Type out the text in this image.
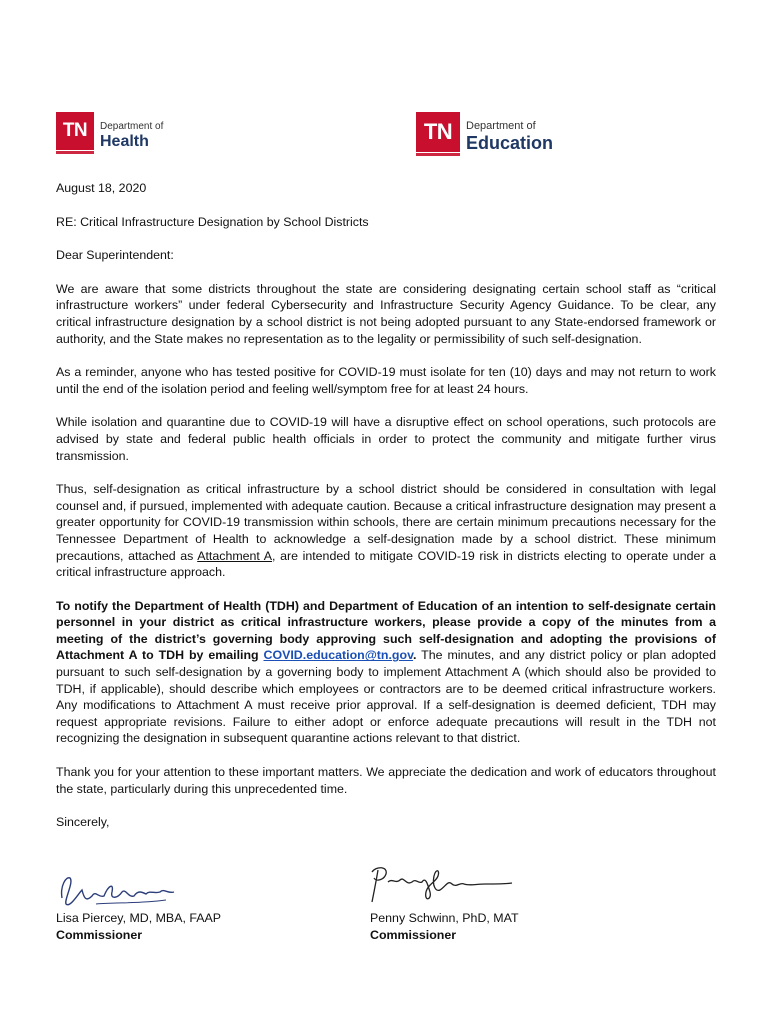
TN Department of
Health	TN Department of
Education

August 18, 2020

RE: Critical Infrastructure Designation by School Districts

Dear Superintendent:

We are aware that some districts throughout the state are considering designating certain school staff as “critical infrastructure workers” under federal Cybersecurity and Infrastructure Security Agency Guidance. To be clear, any critical infrastructure designation by a school district is not being adopted pursuant to any State-endorsed framework or authority, and the State makes no representation as to the legality or permissibility of such self-designation.

As a reminder, anyone who has tested positive for COVID-19 must isolate for ten (10) days and may not return to work until the end of the isolation period and feeling well/symptom free for at least 24 hours.

While isolation and quarantine due to COVID-19 will have a disruptive effect on school operations, such protocols are advised by state and federal public health officials in order to protect the community and mitigate further virus transmission.

Thus, self-designation as critical infrastructure by a school district should be considered in consultation with legal counsel and, if pursued, implemented with adequate caution. Because a critical infrastructure designation may present a greater opportunity for COVID-19 transmission within schools, there are certain minimum precautions necessary for the Tennessee Department of Health to acknowledge a self-designation made by a school district. These minimum precautions, attached as Attachment A, are intended to mitigate COVID-19 risk in districts electing to operate under a critical infrastructure approach.

To notify the Department of Health (TDH) and Department of Education of an intention to self-designate certain personnel in your district as critical infrastructure workers, please provide a copy of the minutes from a meeting of the district’s governing body approving such self-designation and adopting the provisions of Attachment A to TDH by emailing COVID.education@tn.gov. The minutes, and any district policy or plan adopted pursuant to such self-designation by a governing body to implement Attachment A (which should also be provided to TDH, if applicable), should describe which employees or contractors are to be deemed critical infrastructure workers. Any modifications to Attachment A must receive prior approval. If a self-designation is deemed deficient, TDH may request appropriate revisions. Failure to either adopt or enforce adequate precautions will result in the TDH not recognizing the designation in subsequent quarantine actions relevant to that district.

Thank you for your attention to these important matters. We appreciate the dedication and work of educators throughout the state, particularly during this unprecedented time.

Sincerely,

Lisa Piercey, MD, MBA, FAAP
Commissioner
Penny Schwinn, PhD, MAT
Commissioner
